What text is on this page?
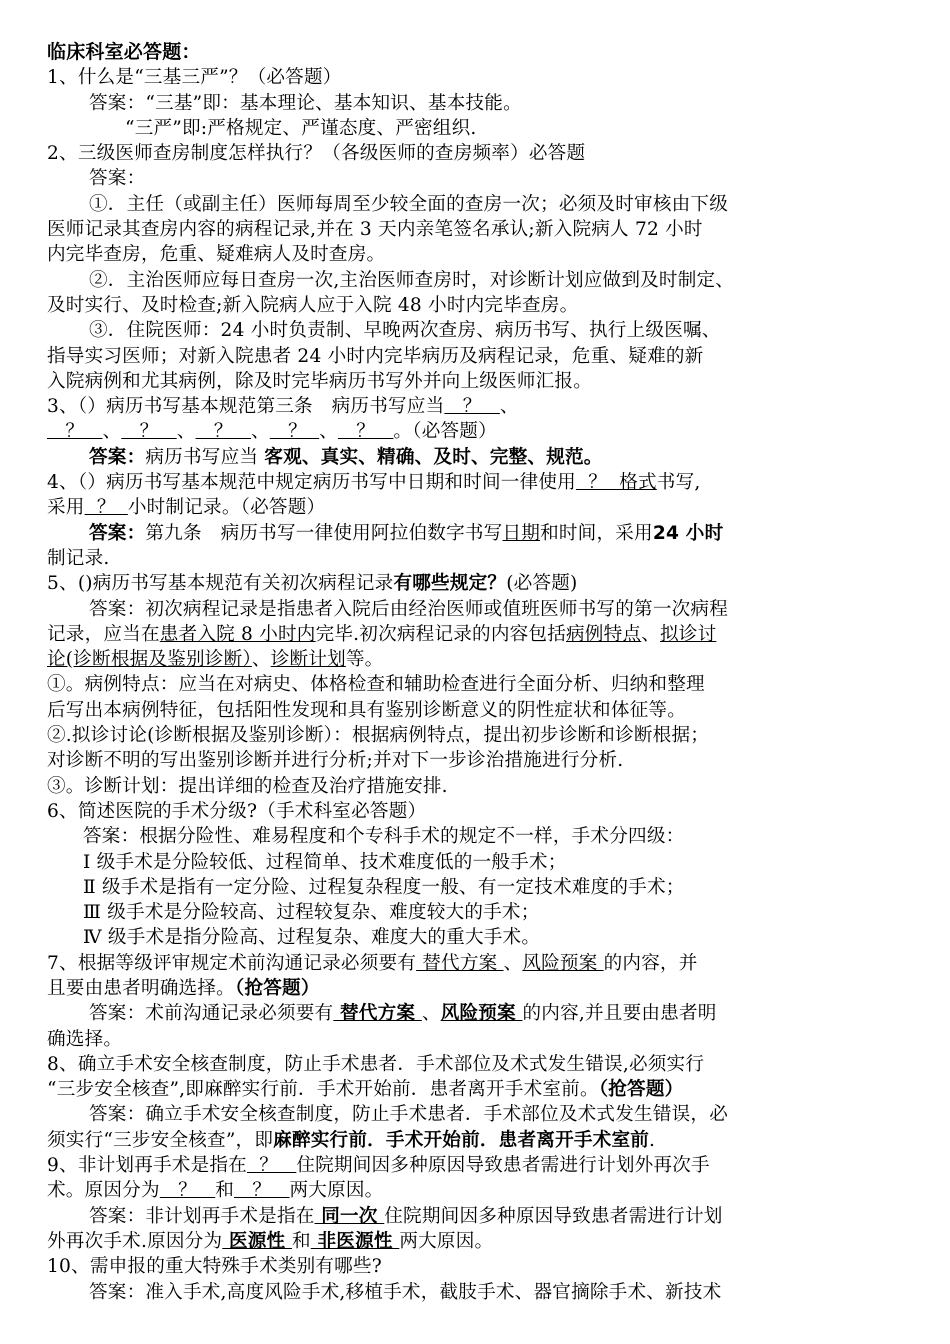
临床科室必答题：
1、什么是“三基三严”？（必答题）
答案：“三基”即：基本理论、基本知识、基本技能。
“三严”即:严格规定、严谨态度、严密组织.
2、三级医师查房制度怎样执行？（各级医师的查房频率）必答题
答案：
①．主任（或副主任）医师每周至少较全面的查房一次；必须及时审核由下级
医师记录其查房内容的病程记录,并在 3 天内亲笔签名承认;新入院病人 72 小时
内完毕查房，危重、疑难病人及时查房。
②．主治医师应每日查房一次,主治医师查房时，对诊断计划应做到及时制定、
及时实行、及时检查;新入院病人应于入院 48 小时内完毕查房。
③．住院医师：24 小时负责制、早晚两次查房、病历书写、执行上级医嘱、
指导实习医师；对新入院患者 24 小时内完毕病历及病程记录，危重、疑难的新
入院病例和尤其病例，除及时完毕病历书写外并向上级医师汇报。
3、（）病历书写基本规范第三条　病历书写应当   ？   、
？   、   ？   、   ？   、   ？  、   ？   。（必答题）
答案：病历书写应当 客观、真实、精确、及时、完整、规范。
4、（）病历书写基本规范中规定病历书写中日期和时间一律使用  ？  格式书写,
采用  ？  小时制记录。（必答题）
答案：第九条　病历书写一律使用阿拉伯数字书写日期和时间，采用24 小时
制记录.
5、()病历书写基本规范有关初次病程记录有哪些规定？(必答题)
答案：初次病程记录是指患者入院后由经治医师或值班医师书写的第一次病程
记录，应当在患者入院 8 小时内完毕.初次病程记录的内容包括病例特点、拟诊讨
论(诊断根据及鉴别诊断）、诊断计划等。
①。病例特点：应当在对病史、体格检查和辅助检查进行全面分析、归纳和整理
后写出本病例特征，包括阳性发现和具有鉴别诊断意义的阴性症状和体征等。
②.拟诊讨论(诊断根据及鉴别诊断）：根据病例特点，提出初步诊断和诊断根据；
对诊断不明的写出鉴别诊断并进行分析;并对下一步诊治措施进行分析.
③。诊断计划：提出详细的检查及治疗措施安排.
6、简述医院的手术分级?（手术科室必答题）
答案：根据分险性、难易程度和个专科手术的规定不一样，手术分四级：
Ⅰ 级手术是分险较低、过程简单、技术难度低的一般手术；
Ⅱ 级手术是指有一定分险、过程复杂程度一般、有一定技术难度的手术；
Ⅲ 级手术是分险较高、过程较复杂、难度较大的手术；
Ⅳ 级手术是指分险高、过程复杂、难度大的重大手术。
7、根据等级评审规定术前沟通记录必须要有 替代方案 、风险预案 的内容，并
且要由患者明确选择。（抢答题）
答案：术前沟通记录必须要有 替代方案 、风险预案 的内容,并且要由患者明
确选择。
8、确立手术安全核查制度，防止手术患者．手术部位及术式发生错误,必须实行
“三步安全核查”,即麻醉实行前．手术开始前．患者离开手术室前。（抢答题）
答案：确立手术安全核查制度，防止手术患者．手术部位及术式发生错误，必
须实行“三步安全核查”，即麻醉实行前．手术开始前．患者离开手术室前.
9、非计划再手术是指在  ？   住院期间因多种原因导致患者需进行计划外再次手
术。原因分为   ？   和   ？   两大原因。
答案：非计划再手术是指在 同一次 住院期间因多种原因导致患者需进行计划
外再次手术.原因分为 医源性 和 非医源性 两大原因。
10、需申报的重大特殊手术类别有哪些?
答案：准入手术,高度风险手术,移植手术，截肢手术、器官摘除手术、新技术
